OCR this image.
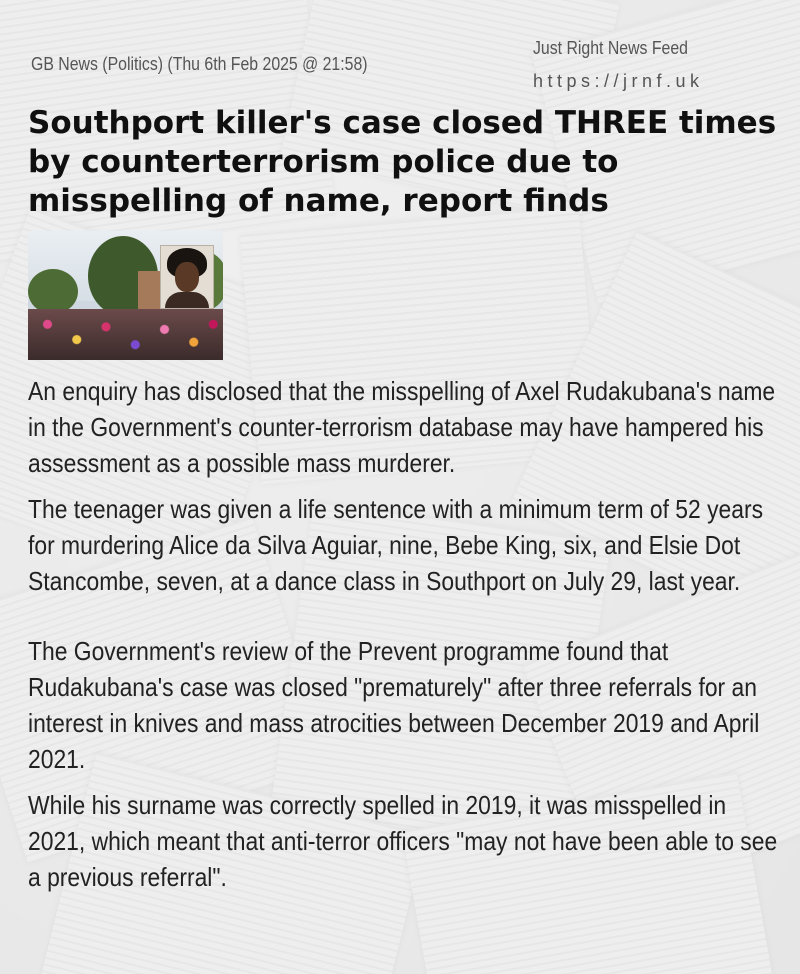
GB News (Politics) (Thu 6th Feb 2025 @ 21:58)
Just Right News Feed
https://jrnf.uk
Southport killer's case closed THREE times by counterterrorism police due to misspelling of name, report finds

An enquiry has disclosed that the misspelling of Axel Rudakubana's name in the Government's counter-terrorism database may have hampered his assessment as a possible mass murderer.

The teenager was given a life sentence with a minimum term of 52 years for murdering Alice da Silva Aguiar, nine, Bebe King, six, and Elsie Dot Stancombe, seven, at a dance class in Southport on July 29, last year.

The Government's review of the Prevent programme found that Rudakubana's case was closed "prematurely" after three referrals for an interest in knives and mass atrocities between December 2019 and April 2021.

While his surname was correctly spelled in 2019, it was misspelled in 2021, which meant that anti-terror officers "may not have been able to see a previous referral".
